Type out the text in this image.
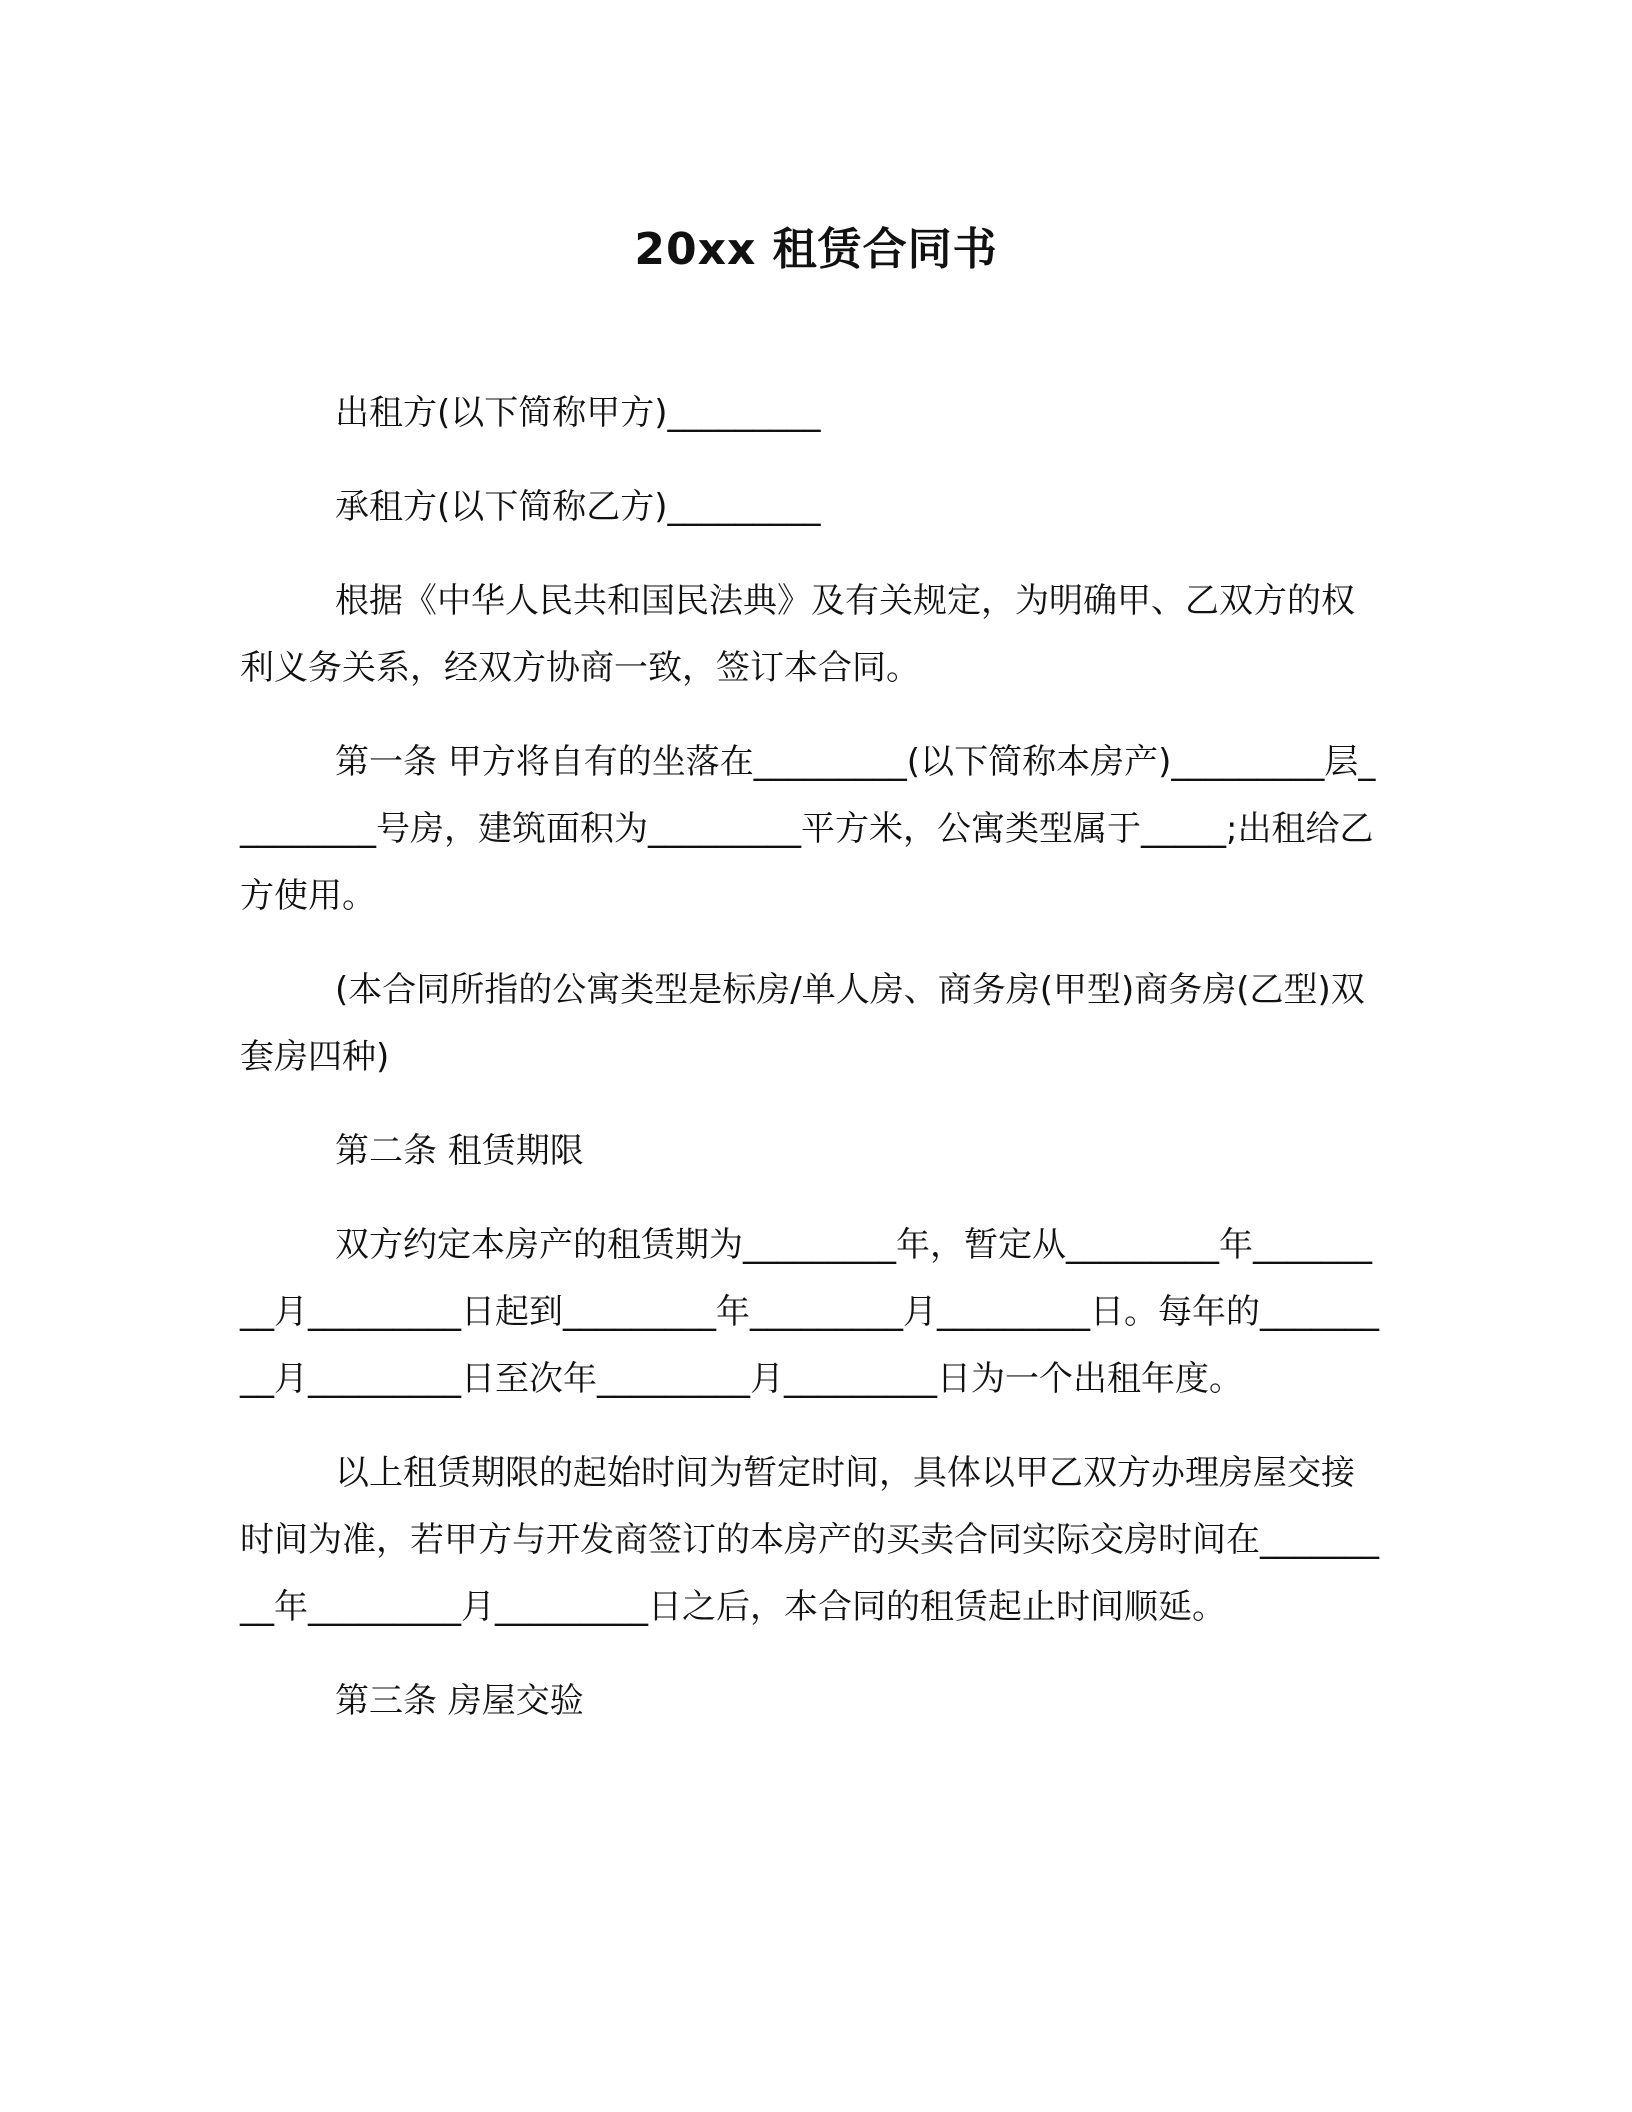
20xx 租赁合同书

出租方(以下简称甲方)_________

承租方(以下简称乙方)_________

根据《中华人民共和国民法典》及有关规定，为明确甲、乙双方的权利义务关系，经双方协商一致，签订本合同。

第一条 甲方将自有的坐落在_________(以下简称本房产)_________层_________号房，建筑面积为_________平方米，公寓类型属于_____;出租给乙方使用。

(本合同所指的公寓类型是标房/单人房、商务房(甲型)商务房(乙型)双套房四种)

第二条 租赁期限

双方约定本房产的租赁期为_________年，暂定从_________年_________月_________日起到_________年_________月_________日。每年的_________月_________日至次年_________月_________日为一个出租年度。

以上租赁期限的起始时间为暂定时间，具体以甲乙双方办理房屋交接时间为准，若甲方与开发商签订的本房产的买卖合同实际交房时间在_________年_________月_________日之后，本合同的租赁起止时间顺延。

第三条 房屋交验
